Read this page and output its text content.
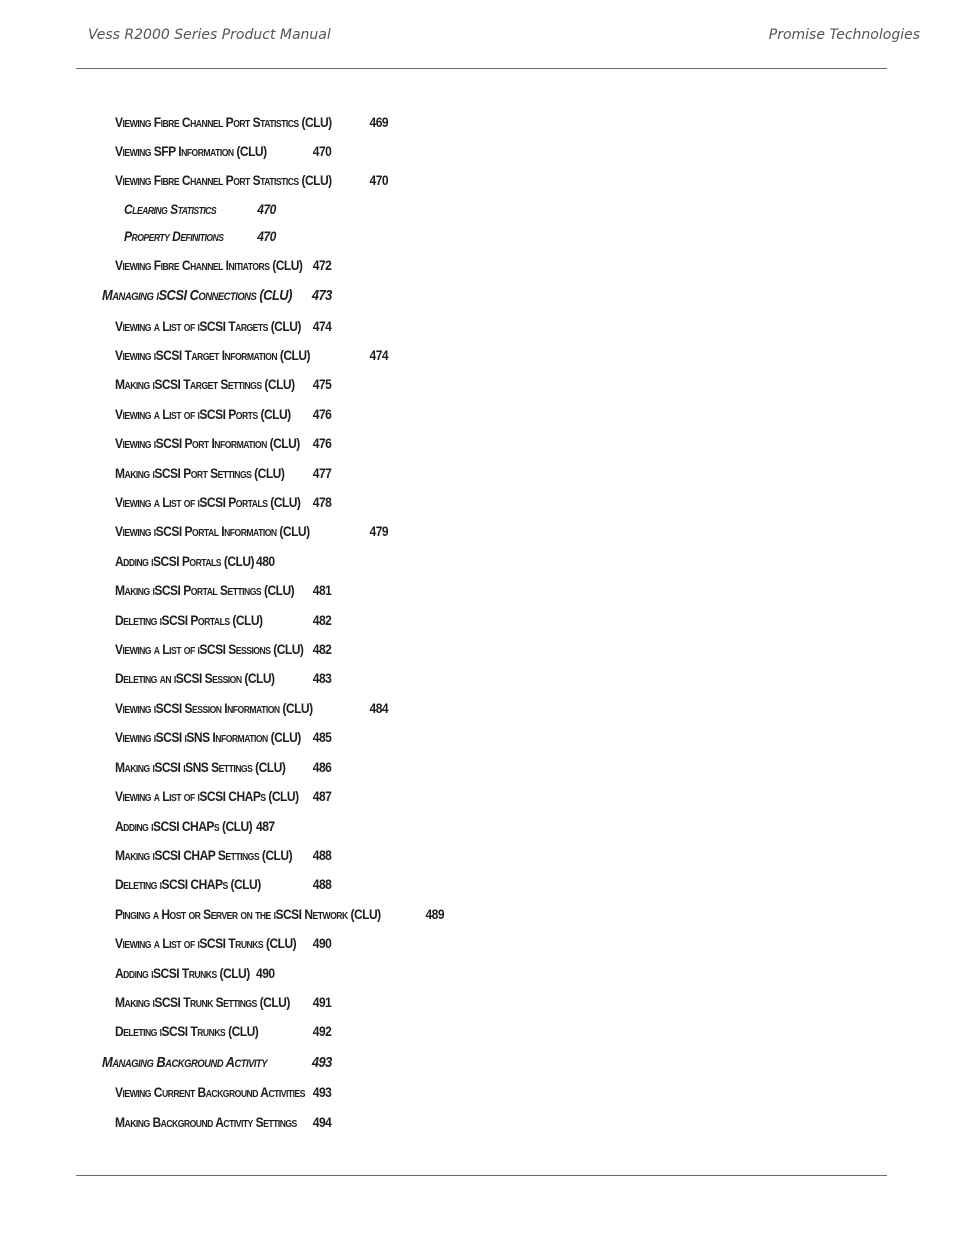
Vess R2000 Series Product Manual	Promise Technologies
Viewing Fibre Channel Port Statistics (CLU)	469
Viewing SFP Information (CLU)	470
Viewing Fibre Channel Port Statistics (CLU)	470
Clearing Statistics	470
Property Definitions 470
Viewing Fibre Channel Initiators (CLU) 472
Managing iSCSI Connections (CLU) 473
Viewing a List of iSCSI Targets (CLU) 474
Viewing iSCSI Target Information (CLU)	474
Making iSCSI Target Settings (CLU) 475
Viewing a List of iSCSI Ports (CLU) 476
Viewing iSCSI Port Information (CLU) 476
Making iSCSI Port Settings (CLU) 477
Viewing a List of iSCSI Portals (CLU) 478
Viewing iSCSI Portal Information (CLU)	479
Adding iSCSI Portals (CLU) 480
Making iSCSI Portal Settings (CLU) 481
Deleting iSCSI Portals (CLU)	482
Viewing a List of iSCSI Sessions (CLU) 482
Deleting an iSCSI Session (CLU)	483
Viewing iSCSI Session Information (CLU)	484
Viewing iSCSI iSNS Information (CLU) 485
Making iSCSI iSNS Settings (CLU) 486
Viewing a List of iSCSI CHAPs (CLU) 487
Adding iSCSI CHAPs (CLU) 487
Making iSCSI CHAP Settings (CLU) 488
Deleting iSCSI CHAPs (CLU)	488
Pinging a Host or Server on the iSCSI Network (CLU)	489
Viewing a List of iSCSI Trunks (CLU) 490
Adding iSCSI Trunks (CLU) 490
Making iSCSI Trunk Settings (CLU) 491
Deleting iSCSI Trunks (CLU)	492
Managing Background Activity	493
Viewing Current Background Activities 493
Making Background Activity Settings 494
